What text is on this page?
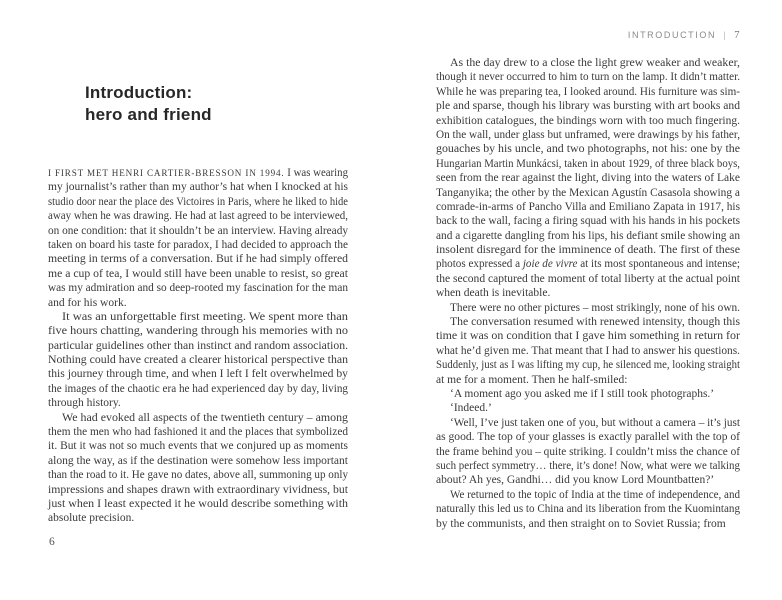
Introduction:
hero and friend
I FIRST MET HENRI CARTIER-BRESSON IN 1994. I was wearing
my journalist’s rather than my author’s hat when I knocked at his
studio door near the place des Victoires in Paris, where he liked to hide
away when he was drawing. He had at last agreed to be interviewed,
on one condition: that it shouldn’t be an interview. Having already
taken on board his taste for paradox, I had decided to approach the
meeting in terms of a conversation. But if he had simply offered
me a cup of tea, I would still have been unable to resist, so great
was my admiration and so deep-rooted my fascination for the man
and for his work.
It was an unforgettable first meeting. We spent more than
five hours chatting, wandering through his memories with no
particular guidelines other than instinct and random association.
Nothing could have created a clearer historical perspective than
this journey through time, and when I left I felt overwhelmed by
the images of the chaotic era he had experienced day by day, living
through history.
We had evoked all aspects of the twentieth century – among
them the men who had fashioned it and the places that symbolized
it. But it was not so much events that we conjured up as moments
along the way, as if the destination were somehow less important
than the road to it. He gave no dates, above all, summoning up only
impressions and shapes drawn with extraordinary vividness, but
just when I least expected it he would describe something with
absolute precision.
6
INTRODUCTION | 7
As the day drew to a close the light grew weaker and weaker,
though it never occurred to him to turn on the lamp. It didn’t matter.
While he was preparing tea, I looked around. His furniture was sim-
ple and sparse, though his library was bursting with art books and
exhibition catalogues, the bindings worn with too much fingering.
On the wall, under glass but unframed, were drawings by his father,
gouaches by his uncle, and two photographs, not his: one by the
Hungarian Martin Munkácsi, taken in about 1929, of three black boys,
seen from the rear against the light, diving into the waters of Lake
Tanganyika; the other by the Mexican Agustín Casasola showing a
comrade-in-arms of Pancho Villa and Emiliano Zapata in 1917, his
back to the wall, facing a firing squad with his hands in his pockets
and a cigarette dangling from his lips, his defiant smile showing an
insolent disregard for the imminence of death. The first of these
photos expressed a joie de vivre at its most spontaneous and intense;
the second captured the moment of total liberty at the actual point
when death is inevitable.
There were no other pictures – most strikingly, none of his own.
The conversation resumed with renewed intensity, though this
time it was on condition that I gave him something in return for
what he’d given me. That meant that I had to answer his questions.
Suddenly, just as I was lifting my cup, he silenced me, looking straight
at me for a moment. Then he half-smiled:
‘A moment ago you asked me if I still took photographs.’
‘Indeed.’
‘Well, I’ve just taken one of you, but without a camera – it’s just
as good. The top of your glasses is exactly parallel with the top of
the frame behind you – quite striking. I couldn’t miss the chance of
such perfect symmetry… there, it’s done! Now, what were we talking
about? Ah yes, Gandhi… did you know Lord Mountbatten?’
We returned to the topic of India at the time of independence, and
naturally this led us to China and its liberation from the Kuomintang
by the communists, and then straight on to Soviet Russia; from
